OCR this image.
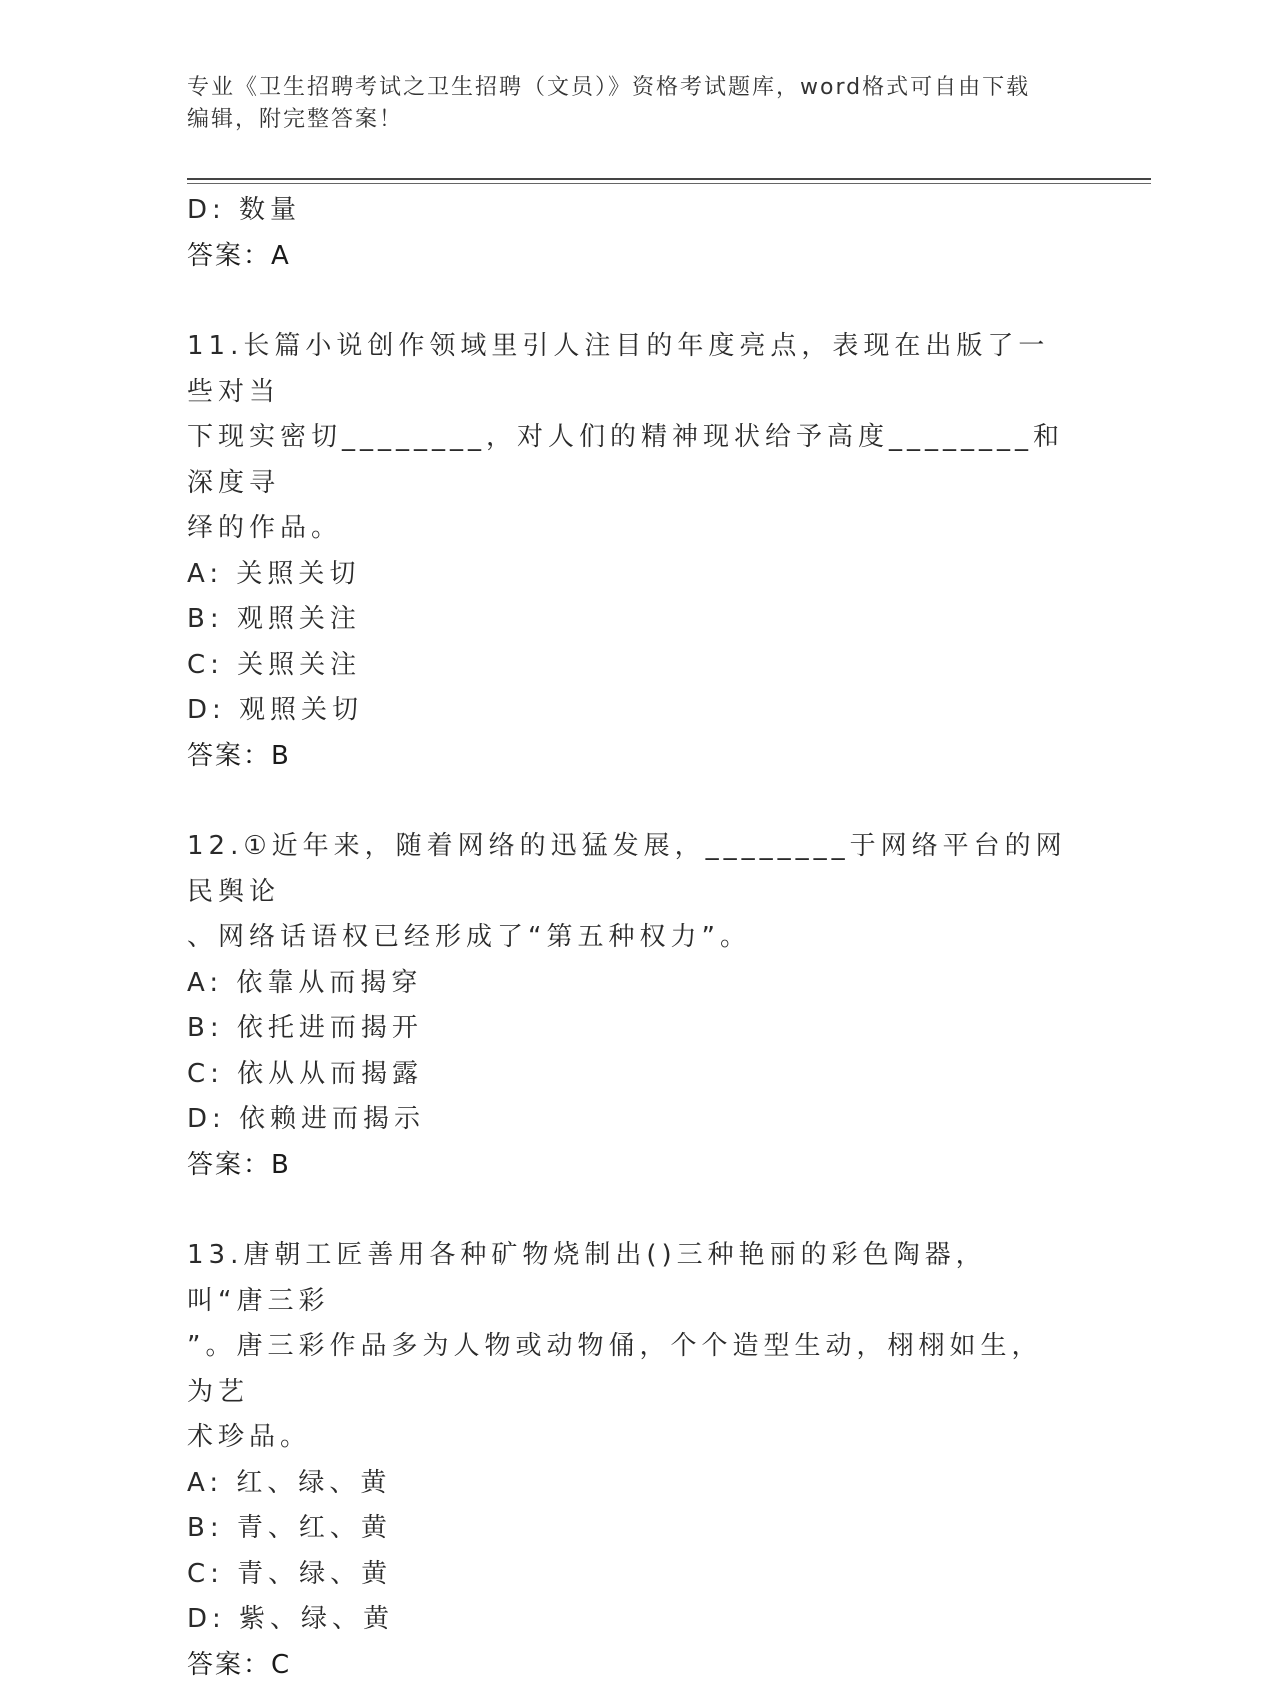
专业《卫生招聘考试之卫生招聘（文员）》资格考试题库，word格式可自由下载
编辑，附完整答案！
D: 数量
答案：A
11.长篇小说创作领域里引人注目的年度亮点，表现在出版了一些对当
下现实密切________，对人们的精神现状给予高度________和深度寻
绎的作品。
A: 关照关切
B: 观照关注
C: 关照关注
D: 观照关切
答案：B
12.①近年来，随着网络的迅猛发展，________于网络平台的网民舆论
、网络话语权已经形成了“第五种权力”。
A: 依靠从而揭穿
B: 依托进而揭开
C: 依从从而揭露
D: 依赖进而揭示
答案：B
13.唐朝工匠善用各种矿物烧制出()三种艳丽的彩色陶器，叫“唐三彩
”。唐三彩作品多为人物或动物俑，个个造型生动，栩栩如生，为艺
术珍品。
A: 红、绿、黄
B: 青、红、黄
C: 青、绿、黄
D: 紫、绿、黄
答案：C
